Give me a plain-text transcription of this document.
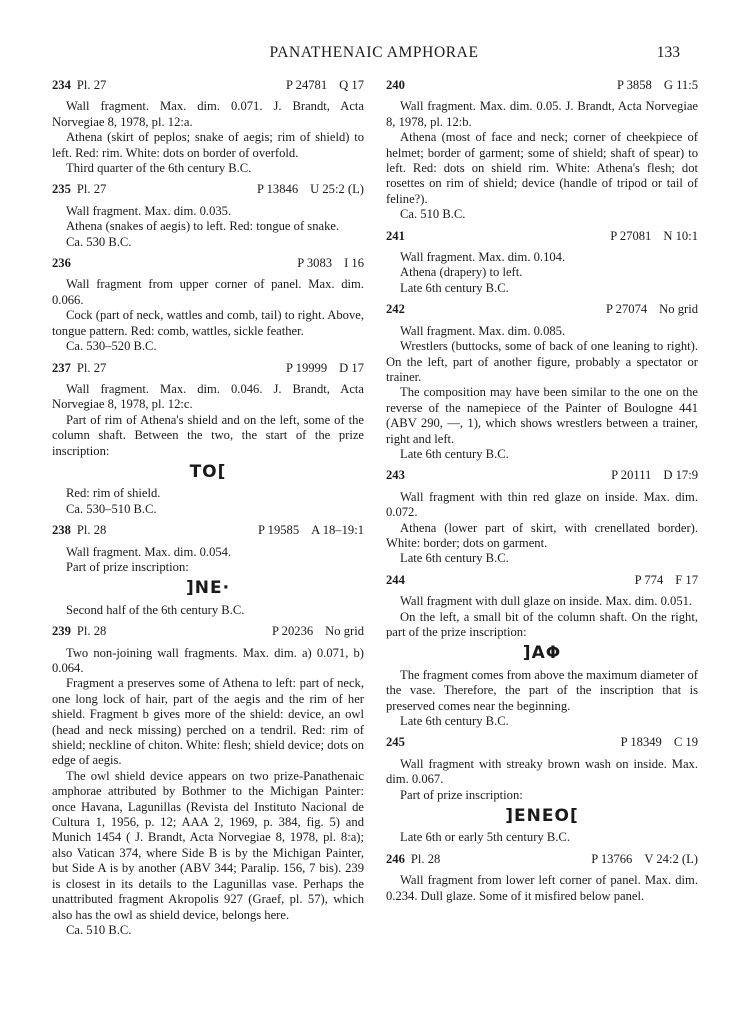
PANATHENAIC AMPHORAE	133
234 Pl. 27	P 24781 Q 17

Wall fragment. Max. dim. 0.071. J. Brandt, Acta Norvegiae 8, 1978, pl. 12:a.

Athena (skirt of peplos; snake of aegis; rim of shield) to left. Red: rim. White: dots on border of overfold.

Third quarter of the 6th century B.C.

235 Pl. 27	P 13846 U 25:2 (L)

Wall fragment. Max. dim. 0.035.

Athena (snakes of aegis) to left. Red: tongue of snake.

Ca. 530 B.C.

236	P 3083 I 16

Wall fragment from upper corner of panel. Max. dim. 0.066.

Cock (part of neck, wattles and comb, tail) to right. Above, tongue pattern. Red: comb, wattles, sickle feather.

Ca. 530–520 B.C.

237 Pl. 27	P 19999 D 17

Wall fragment. Max. dim. 0.046. J. Brandt, Acta Norvegiae 8, 1978, pl. 12:c.

Part of rim of Athena's shield and on the left, some of the column shaft. Between the two, the start of the prize inscription:

TO[

Red: rim of shield.

Ca. 530–510 B.C.

238 Pl. 28	P 19585 A 18–19:1

Wall fragment. Max. dim. 0.054.

Part of prize inscription:

]NE·

Second half of the 6th century B.C.

239 Pl. 28	P 20236 No grid

Two non-joining wall fragments. Max. dim. a) 0.071, b) 0.064.

Fragment a preserves some of Athena to left: part of neck, one long lock of hair, part of the aegis and the rim of her shield. Fragment b gives more of the shield: device, an owl (head and neck missing) perched on a tendril. Red: rim of shield; neckline of chiton. White: flesh; shield device; dots on edge of aegis.

The owl shield device appears on two prize-Panathenaic amphorae attributed by Bothmer to the Michigan Painter: once Havana, Lagunillas (Revista del Instituto Nacional de Cultura 1, 1956, p. 12; AAA 2, 1969, p. 384, fig. 5) and Munich 1454 ( J. Brandt, Acta Norvegiae 8, 1978, pl. 8:a); also Vatican 374, where Side B is by the Michigan Painter, but Side A is by another (ABV 344; Paralip. 156, 7 bis). 239 is closest in its details to the Lagunillas vase. Perhaps the unattributed fragment Akropolis 927 (Graef, pl. 57), which also has the owl as shield device, belongs here.

Ca. 510 B.C.

240	P 3858 G 11:5

Wall fragment. Max. dim. 0.05. J. Brandt, Acta Norvegiae 8, 1978, pl. 12:b.

Athena (most of face and neck; corner of cheekpiece of helmet; border of garment; some of shield; shaft of spear) to left. Red: dots on shield rim. White: Athena's flesh; dot rosettes on rim of shield; device (handle of tripod or tail of feline?).

Ca. 510 B.C.

241	P 27081 N 10:1

Wall fragment. Max. dim. 0.104.

Athena (drapery) to left.

Late 6th century B.C.

242	P 27074 No grid

Wall fragment. Max. dim. 0.085.

Wrestlers (buttocks, some of back of one leaning to right). On the left, part of another figure, probably a spectator or trainer.

The composition may have been similar to the one on the reverse of the namepiece of the Painter of Boulogne 441 (ABV 290, —, 1), which shows wrestlers between a trainer, right and left.

Late 6th century B.C.

243	P 20111 D 17:9

Wall fragment with thin red glaze on inside. Max. dim. 0.072.

Athena (lower part of skirt, with crenellated border). White: border; dots on garment.

Late 6th century B.C.

244	P 774 F 17

Wall fragment with dull glaze on inside. Max. dim. 0.051.

On the left, a small bit of the column shaft. On the right, part of the prize inscription:

]AΦ

The fragment comes from above the maximum diameter of the vase. Therefore, the part of the inscription that is preserved comes near the beginning.

Late 6th century B.C.

245	P 18349 C 19

Wall fragment with streaky brown wash on inside. Max. dim. 0.067.

Part of prize inscription:

]ENEO[

Late 6th or early 5th century B.C.

246 Pl. 28	P 13766 V 24:2 (L)

Wall fragment from lower left corner of panel. Max. dim. 0.234. Dull glaze. Some of it misfired below panel.
